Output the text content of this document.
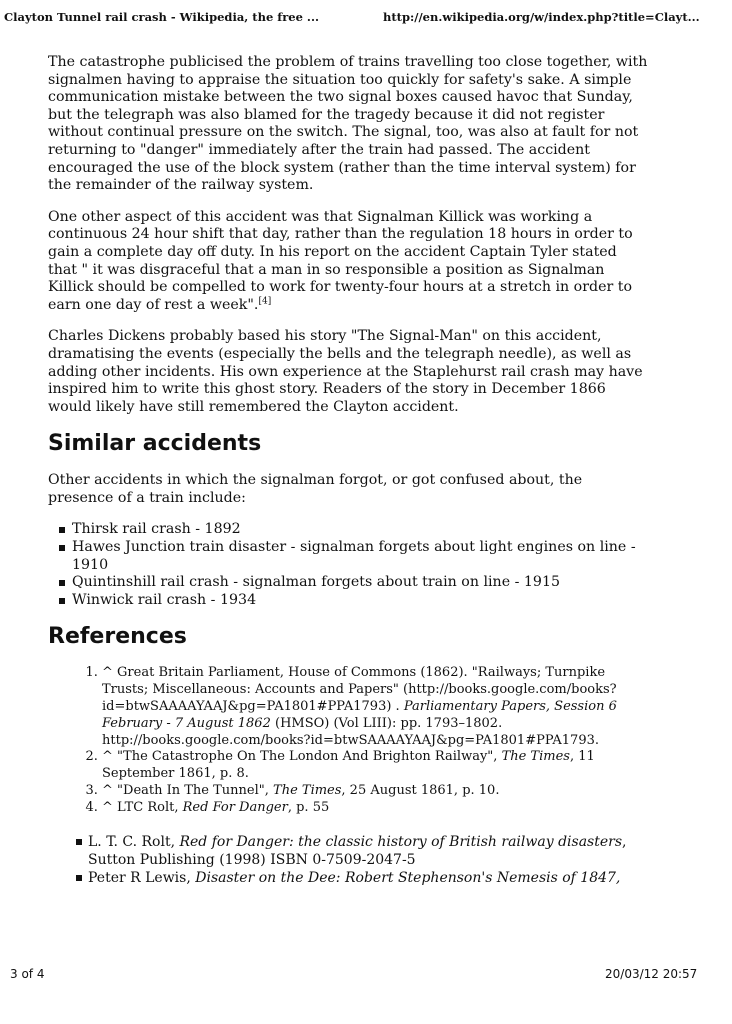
Clayton Tunnel rail crash - Wikipedia, the free ...	http://en.wikipedia.org/w/index.php?title=Clayt...

The catastrophe publicised the problem of trains travelling too close together, with signalmen having to appraise the situation too quickly for safety's sake. A simple communication mistake between the two signal boxes caused havoc that Sunday, but the telegraph was also blamed for the tragedy because it did not register without continual pressure on the switch. The signal, too, was also at fault for not returning to "danger" immediately after the train had passed. The accident encouraged the use of the block system (rather than the time interval system) for the remainder of the railway system.

One other aspect of this accident was that Signalman Killick was working a continuous 24 hour shift that day, rather than the regulation 18 hours in order to gain a complete day off duty. In his report on the accident Captain Tyler stated that " it was disgraceful that a man in so responsible a position as Signalman Killick should be compelled to work for twenty-four hours at a stretch in order to earn one day of rest a week".[4]

Charles Dickens probably based his story "The Signal-Man" on this accident, dramatising the events (especially the bells and the telegraph needle), as well as adding other incidents. His own experience at the Staplehurst rail crash may have inspired him to write this ghost story. Readers of the story in December 1866 would likely have still remembered the Clayton accident.

Similar accidents

Other accidents in which the signalman forgot, or got confused about, the presence of a train include:

Thirsk rail crash - 1892
Hawes Junction train disaster - signalman forgets about light engines on line - 1910
Quintinshill rail crash - signalman forgets about train on line - 1915
Winwick rail crash - 1934
References
1. ^ Great Britain Parliament, House of Commons (1862). "Railways; Turnpike Trusts; Miscellaneous: Accounts and Papers" (http://books.google.com/books?id=btwSAAAAYAAJ&pg=PA1801#PPA1793) . Parliamentary Papers, Session 6 February - 7 August 1862 (HMSO) (Vol LIII): pp. 1793–1802. http://books.google.com/books?id=btwSAAAAYAAJ&pg=PA1801#PPA1793.
2. ^ "The Catastrophe On The London And Brighton Railway", The Times, 11 September 1861, p. 8.
3. ^ "Death In The Tunnel", The Times, 25 August 1861, p. 10.
4. ^ LTC Rolt, Red For Danger, p. 55
L. T. C. Rolt, Red for Danger: the classic history of British railway disasters, Sutton Publishing (1998) ISBN 0-7509-2047-5
Peter R Lewis, Disaster on the Dee: Robert Stephenson's Nemesis of 1847,
3 of 4	20/03/12 20:57
